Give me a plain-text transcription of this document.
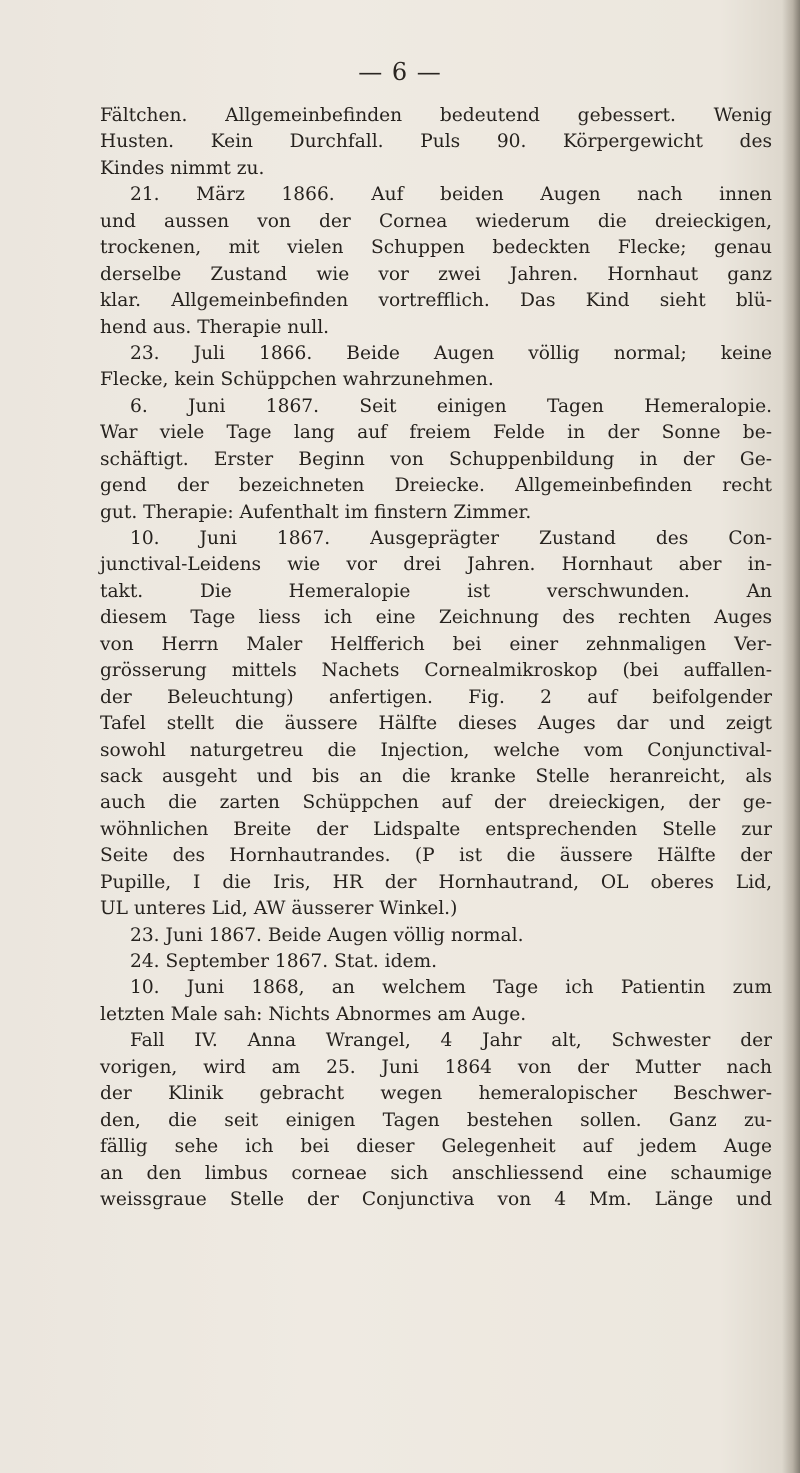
— 6 —
Fältchen. Allgemeinbefinden bedeutend gebessert. Wenig
Husten. Kein Durchfall. Puls 90. Körpergewicht des
Kindes nimmt zu.
21. März 1866. Auf beiden Augen nach innen
und aussen von der Cornea wiederum die dreieckigen,
trockenen, mit vielen Schuppen bedeckten Flecke; genau
derselbe Zustand wie vor zwei Jahren. Hornhaut ganz
klar. Allgemeinbefinden vortrefflich. Das Kind sieht blü-
hend aus. Therapie null.
23. Juli 1866. Beide Augen völlig normal; keine
Flecke, kein Schüppchen wahrzunehmen.
6. Juni 1867. Seit einigen Tagen Hemeralopie.
War viele Tage lang auf freiem Felde in der Sonne be-
schäftigt. Erster Beginn von Schuppenbildung in der Ge-
gend der bezeichneten Dreiecke. Allgemeinbefinden recht
gut. Therapie: Aufenthalt im finstern Zimmer.
10. Juni 1867. Ausgeprägter Zustand des Con-
junctival-Leidens wie vor drei Jahren. Hornhaut aber in-
takt. Die Hemeralopie ist verschwunden. An
diesem Tage liess ich eine Zeichnung des rechten Auges
von Herrn Maler Helfferich bei einer zehnmaligen Ver-
grösserung mittels Nachets Cornealmikroskop (bei auffallen-
der Beleuchtung) anfertigen. Fig. 2 auf beifolgender
Tafel stellt die äussere Hälfte dieses Auges dar und zeigt
sowohl naturgetreu die Injection, welche vom Conjunctival-
sack ausgeht und bis an die kranke Stelle heranreicht, als
auch die zarten Schüppchen auf der dreieckigen, der ge-
wöhnlichen Breite der Lidspalte entsprechenden Stelle zur
Seite des Hornhautrandes. (P ist die äussere Hälfte der
Pupille, I die Iris, HR der Hornhautrand, OL oberes Lid,
UL unteres Lid, AW äusserer Winkel.)
23. Juni 1867. Beide Augen völlig normal.
24. September 1867. Stat. idem.
10. Juni 1868, an welchem Tage ich Patientin zum
letzten Male sah: Nichts Abnormes am Auge.
Fall IV. Anna Wrangel, 4 Jahr alt, Schwester der
vorigen, wird am 25. Juni 1864 von der Mutter nach
der Klinik gebracht wegen hemeralopischer Beschwer-
den, die seit einigen Tagen bestehen sollen. Ganz zu-
fällig sehe ich bei dieser Gelegenheit auf jedem Auge
an den limbus corneae sich anschliessend eine schaumige
weissgraue Stelle der Conjunctiva von 4 Mm. Länge und
